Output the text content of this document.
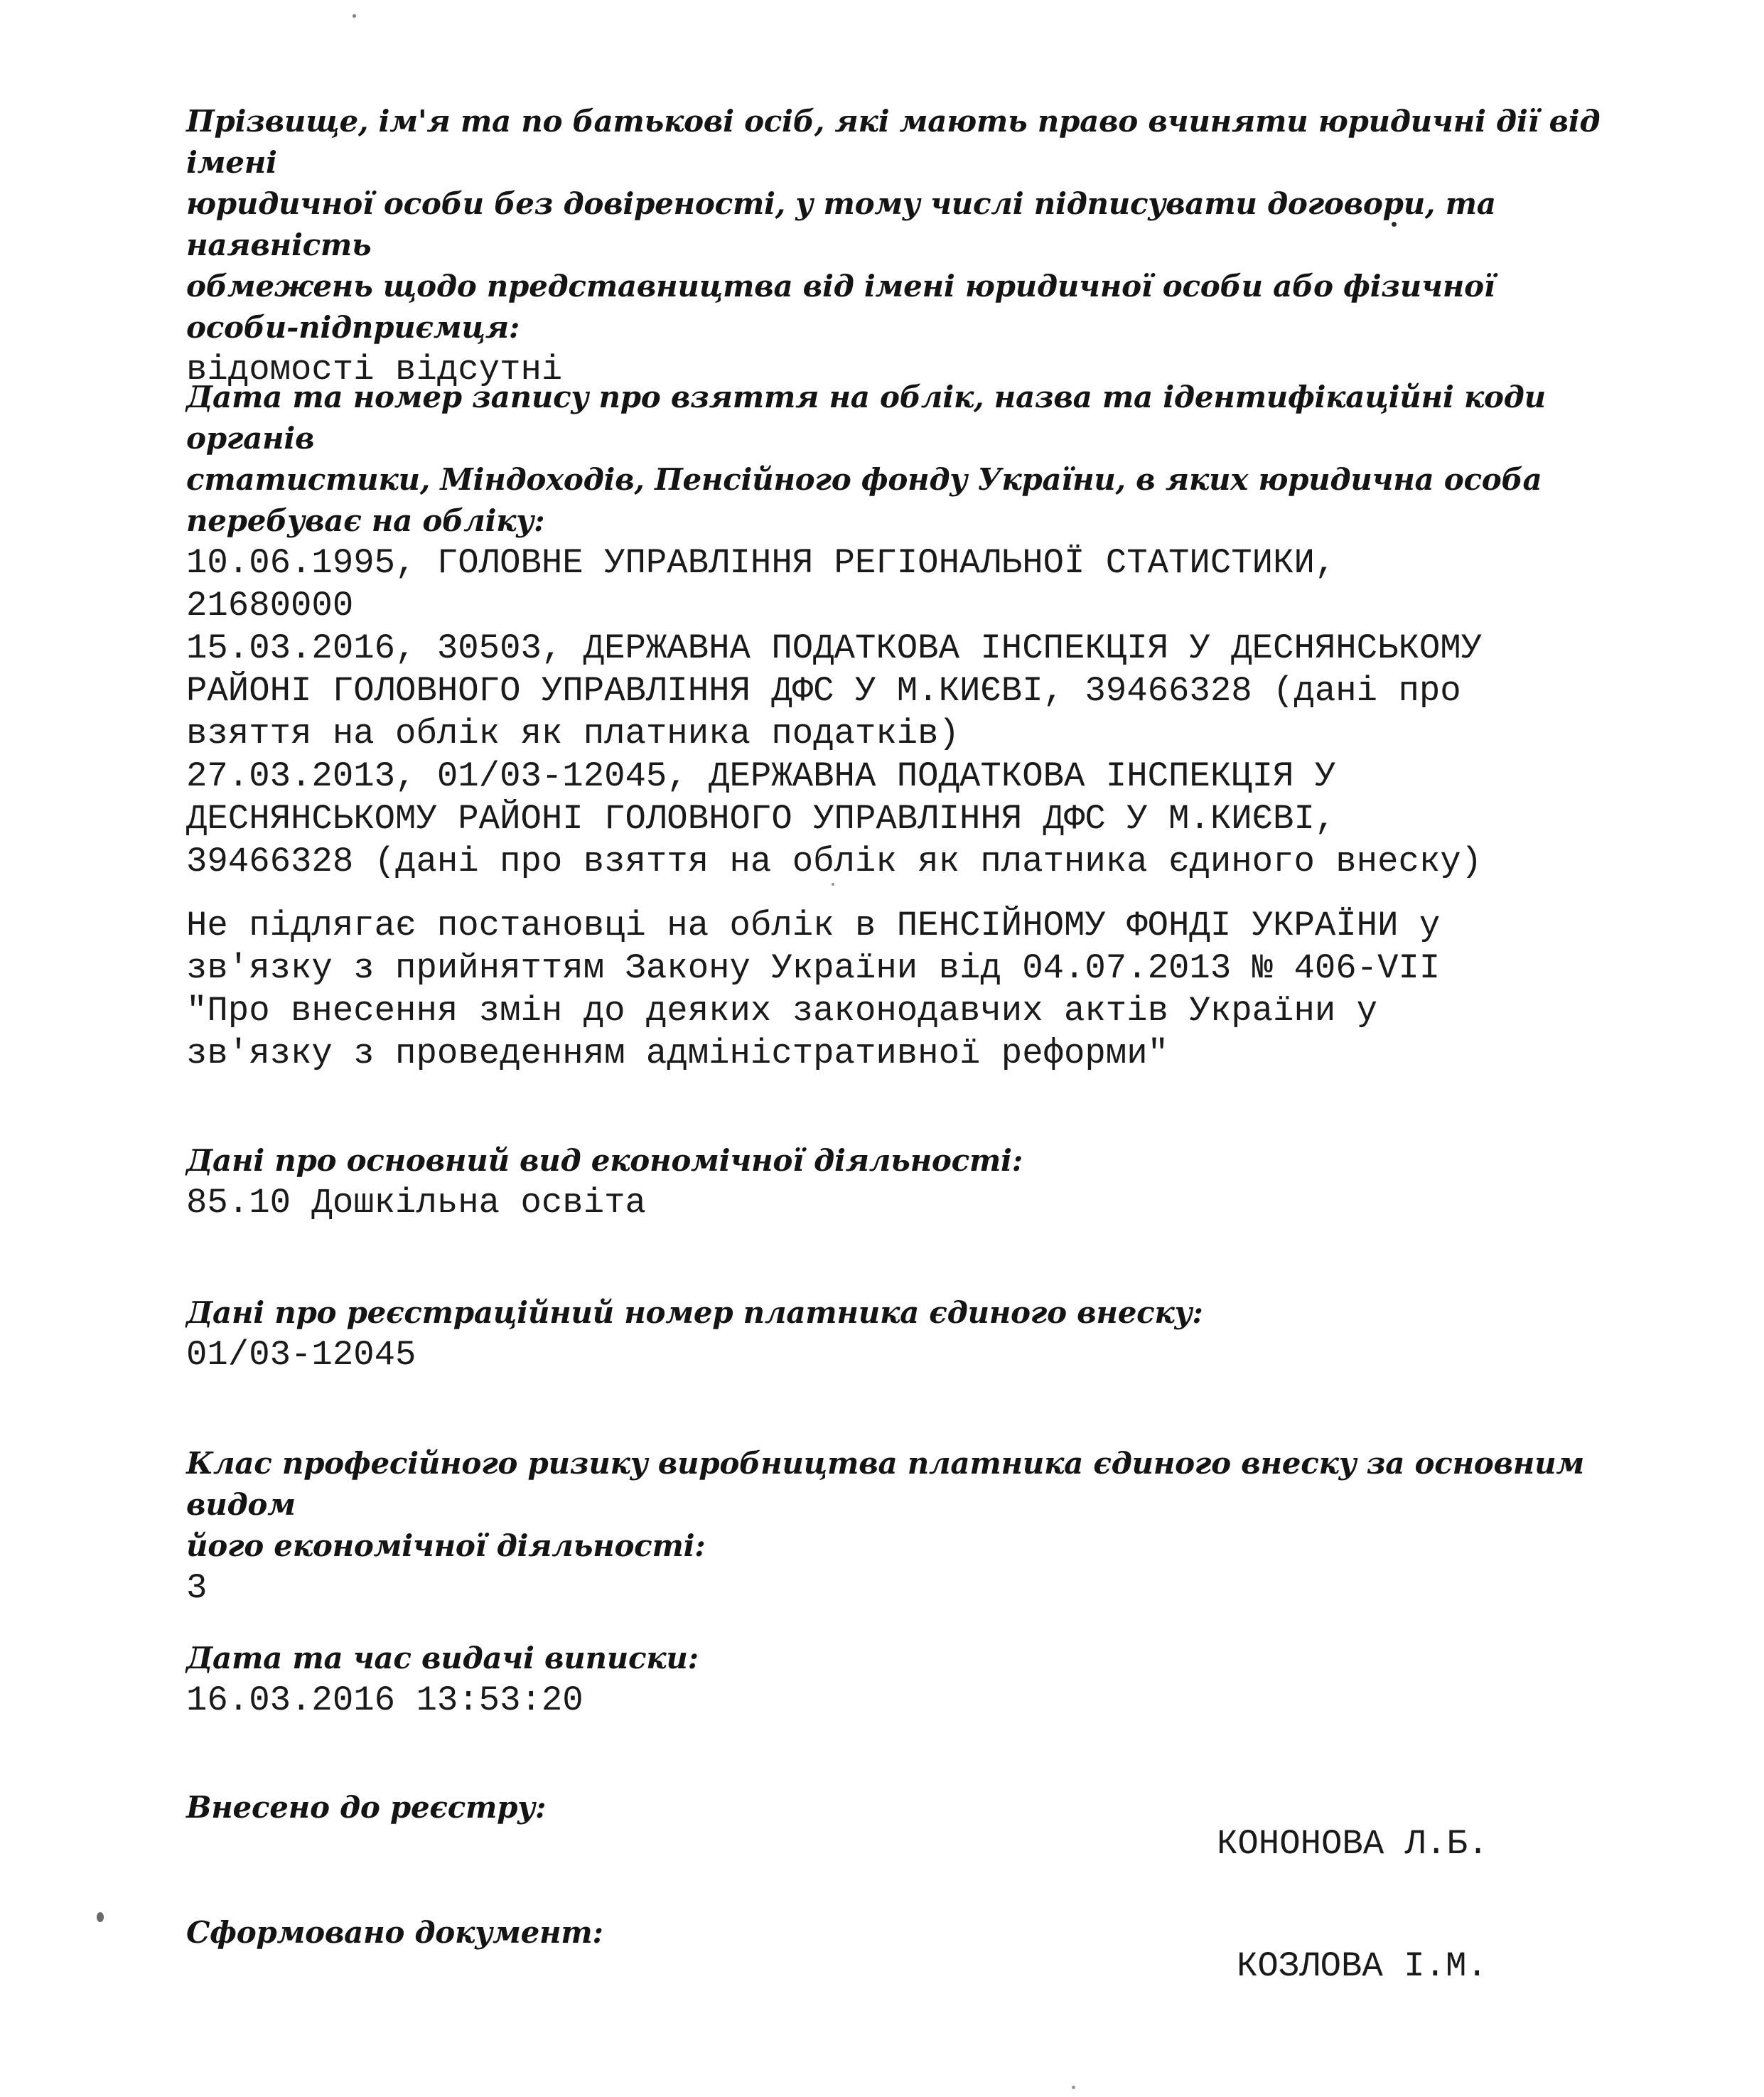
Прізвище, ім'я та по батькові осіб, які мають право вчиняти юридичні дії від імені
юридичної особи без довіреності, у тому числі підписувати договори, та наявність
обмежень щодо представництва від імені юридичної особи або фізичної
особи-підприємця:
відомості відсутні
Дата та номер запису про взяття на облік, назва та ідентифікаційні коди органів
статистики, Міндоходів, Пенсійного фонду України, в яких юридична особа
перебуває на обліку:
10.06.1995, ГОЛОВНЕ УПРАВЛІННЯ РЕГІОНАЛЬНОЇ СТАТИСТИКИ,
21680000
15.03.2016, 30503, ДЕРЖАВНА ПОДАТКОВА ІНСПЕКЦІЯ У ДЕСНЯНСЬКОМУ
РАЙОНІ ГОЛОВНОГО УПРАВЛІННЯ ДФС У М.КИЄВІ, 39466328 (дані про
взяття на облік як платника податків)
27.03.2013, 01/03-12045, ДЕРЖАВНА ПОДАТКОВА ІНСПЕКЦІЯ У
ДЕСНЯНСЬКОМУ РАЙОНІ ГОЛОВНОГО УПРАВЛІННЯ ДФС У М.КИЄВІ,
39466328 (дані про взяття на облік як платника єдиного внеску)
Не підлягає постановці на облік в ПЕНСІЙНОМУ ФОНДІ УКРАЇНИ у
зв'язку з прийняттям Закону України від 04.07.2013 № 406-VII
"Про внесення змін до деяких законодавчих актів України у
зв'язку з проведенням адміністративної реформи"
Дані про основний вид економічної діяльності:
85.10 Дошкільна освіта
Дані про реєстраційний номер платника єдиного внеску:
01/03-12045
Клас професійного ризику виробництва платника єдиного внеску за основним видом
його економічної діяльності:
3
Дата та час видачі виписки:
16.03.2016 13:53:20
Внесено до реєстру:
КОНОНОВА Л.Б.
Сформовано документ:
КОЗЛОВА І.М.
